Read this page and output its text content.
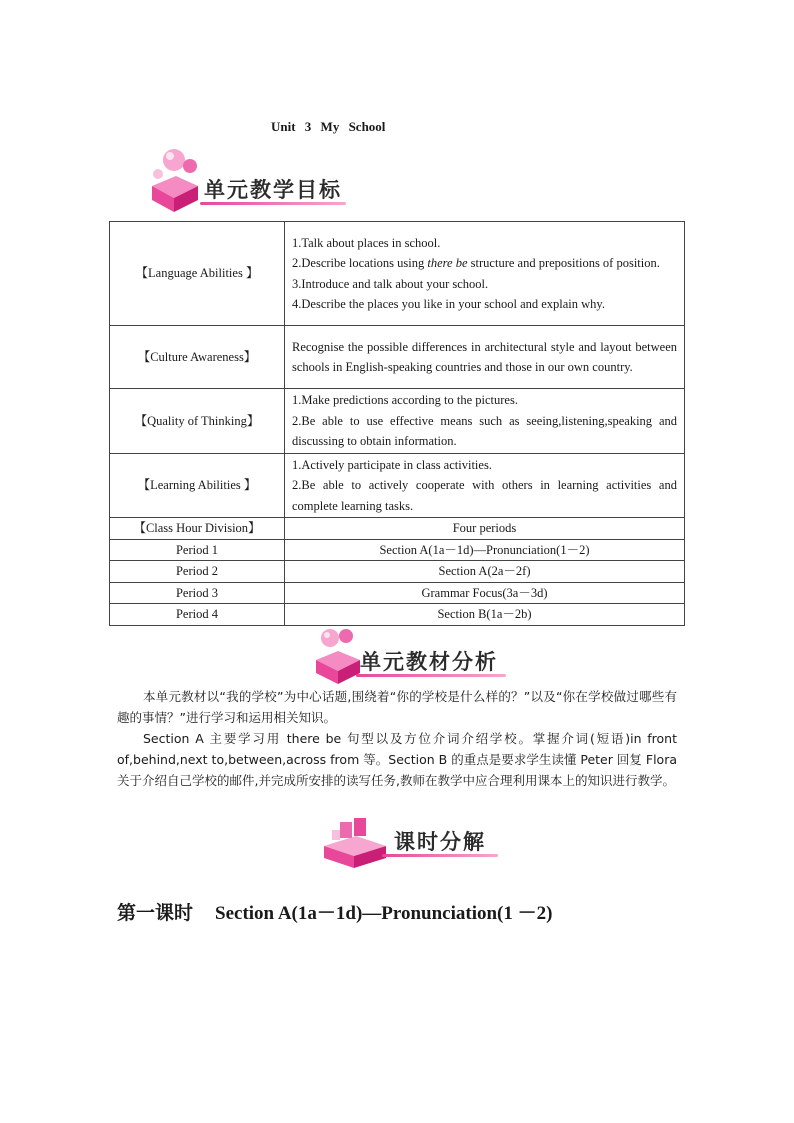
Unit 3 My School
单元教学目标
【Language Abilities 】	1.Talk about places in school.
2.Describe locations using there be structure and prepositions of position.
3.Introduce and talk about your school.
4.Describe the places you like in your school and explain why.

【Culture Awareness】	Recognise the possible differences in architectural style and layout between schools in English-speaking countries and those in our own country.

【Quality of Thinking】	1.Make predictions according to the pictures.
2.Be able to use effective means such as seeing,listening,speaking and discussing to obtain information.

【Learning Abilities 】	1.Actively participate in class activities.
2.Be able to actively cooperate with others in learning activities and complete learning tasks.

【Class Hour Division】	Four periods
Period 1	Section A(1a－1d)—Pronunciation(1－2)
Period 2	Section A(2a－2f)
Period 3	Grammar Focus(3a－3d)
Period 4	Section B(1a－2b)
单元教材分析

本单元教材以“我的学校”为中心话题,围绕着“你的学校是什么样的？”以及“你在学校做过哪些有趣的事情？”进行学习和运用相关知识。

Section A 主要学习用 there be 句型以及方位介词介绍学校。掌握介词(短语)in front of,behind,next to,between,across from 等。Section B 的重点是要求学生读懂 Peter 回复 Flora 关于介绍自己学校的邮件,并完成所安排的读写任务,教师在教学中应合理利用课本上的知识进行教学。

课时分解
第一课时 Section A(1a－1d)—Pronunciation(1 －2)
